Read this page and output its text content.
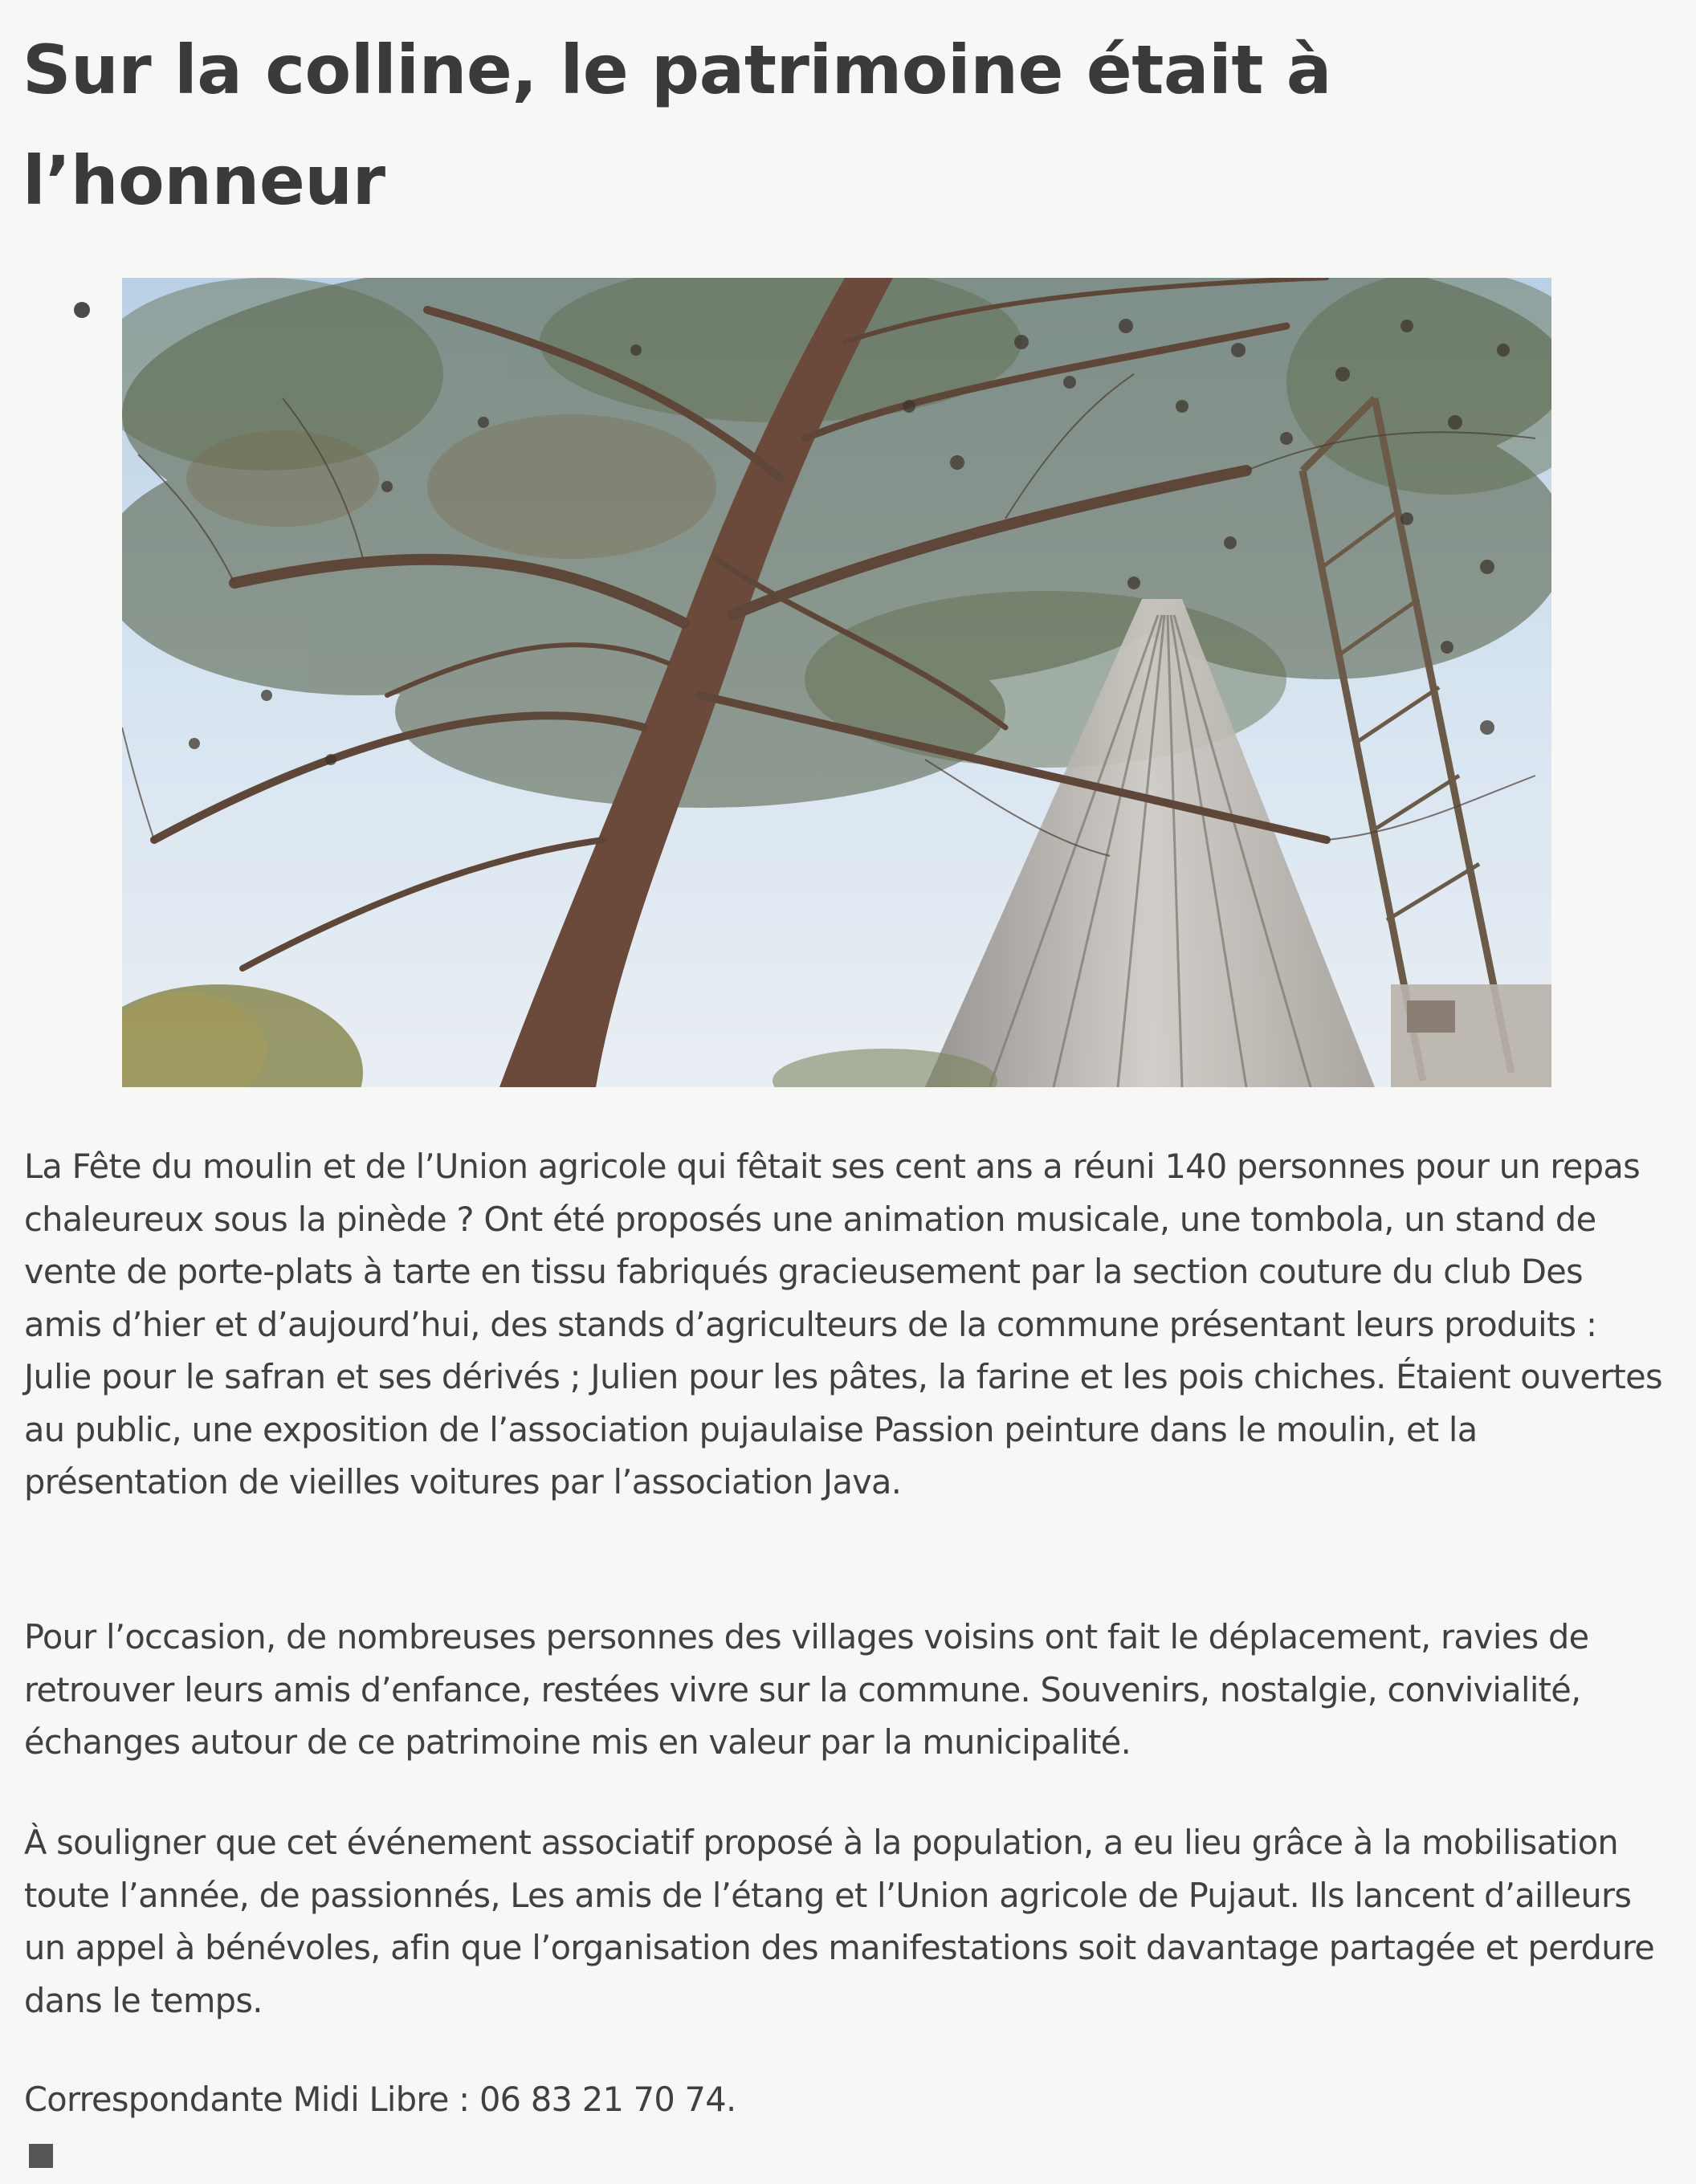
Sur la colline, le patrimoine était à l’honneur

La Fête du moulin et de l’Union agricole qui fêtait ses cent ans a réuni 140 personnes pour un repas chaleureux sous la pinède ? Ont été proposés une animation musicale, une tombola, un stand de vente de porte-plats à tarte en tissu fabriqués gracieusement par la section couture du club Des amis d’hier et d’aujourd’hui, des stands d’agriculteurs de la commune présentant leurs produits : Julie pour le safran et ses dérivés ; Julien pour les pâtes, la farine et les pois chiches. Étaient ouvertes au public, une exposition de l’association pujaulaise Passion peinture dans le moulin, et la présentation de vieilles voitures par l’association Java.

Pour l’occasion, de nombreuses personnes des villages voisins ont fait le déplacement, ravies de retrouver leurs amis d’enfance, restées vivre sur la commune. Souvenirs, nostalgie, convivialité, échanges autour de ce patrimoine mis en valeur par la municipalité.

À souligner que cet événement associatif proposé à la population, a eu lieu grâce à la mobilisation toute l’année, de passionnés, Les amis de l’étang et l’Union agricole de Pujaut. Ils lancent d’ailleurs un appel à bénévoles, afin que l’organisation des manifestations soit davantage partagée et perdure dans le temps.

Correspondante Midi Libre : 06 83 21 70 74.
